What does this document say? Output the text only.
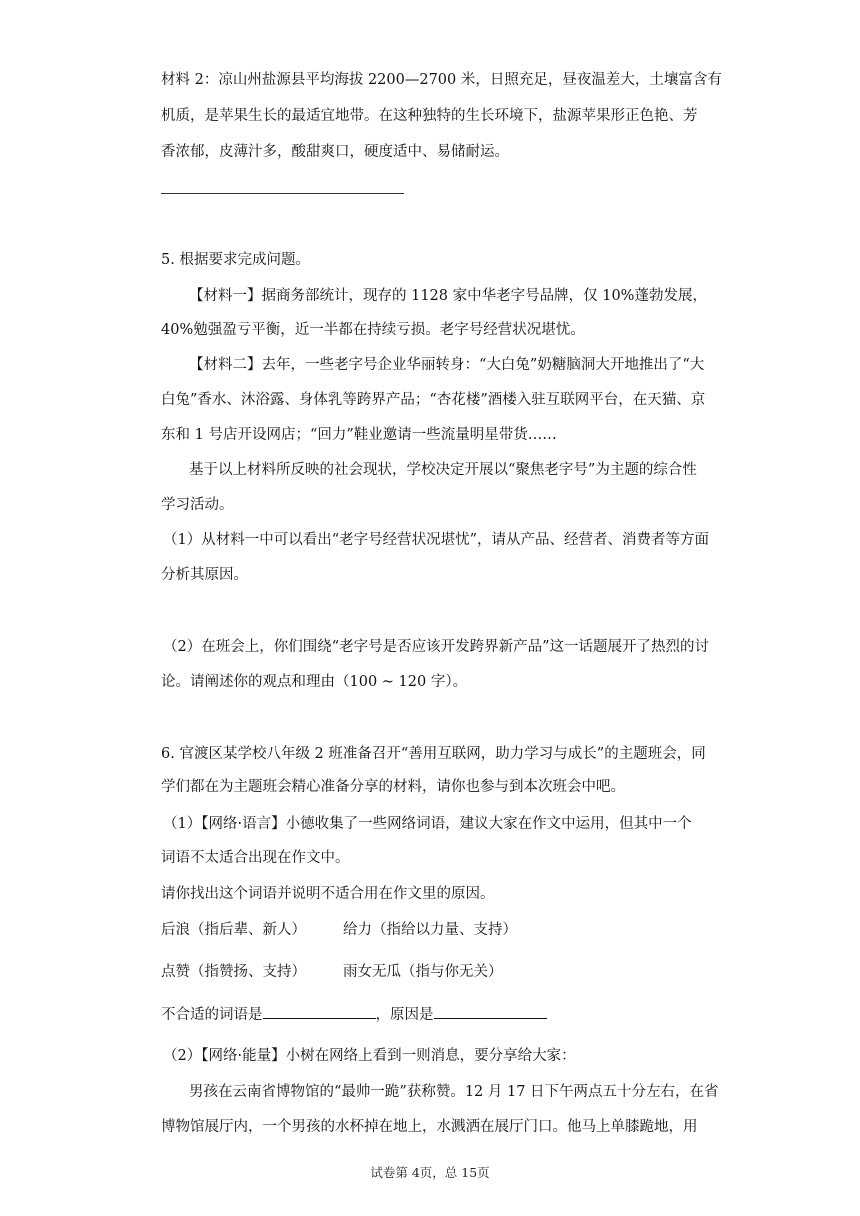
材料 2：凉山州盐源县平均海拔 2200—2700 米，日照充足，昼夜温差大，土壤富含有
机质，是苹果生长的最适宜地带。在这种独特的生长环境下，盐源苹果形正色艳、芳
香浓郁，皮薄汁多，酸甜爽口，硬度适中、易储耐运。
5. 根据要求完成问题。
【材料一】据商务部统计，现存的 1128 家中华老字号品牌，仅 10%蓬勃发展，
40%勉强盈亏平衡，近一半都在持续亏损。老字号经营状况堪忧。
【材料二】去年，一些老字号企业华丽转身：“大白兔”奶糖脑洞大开地推出了“大
白兔”香水、沐浴露、身体乳等跨界产品；“杏花楼”酒楼入驻互联网平台，在天猫、京
东和 1 号店开设网店；“回力”鞋业邀请一些流量明星带货……
基于以上材料所反映的社会现状，学校决定开展以“聚焦老字号”为主题的综合性
学习活动。
（1）从材料一中可以看出“老字号经营状况堪忧”，请从产品、经营者、消费者等方面
分析其原因。
（2）在班会上，你们围绕“老字号是否应该开发跨界新产品”这一话题展开了热烈的讨
论。请阐述你的观点和理由（100 ~ 120 字）。
6. 官渡区某学校八年级 2 班准备召开“善用互联网，助力学习与成长”的主题班会，同
学们都在为主题班会精心准备分享的材料，请你也参与到本次班会中吧。
（1）【网络·语言】小德收集了一些网络词语，建议大家在作文中运用，但其中一个
词语不太适合出现在作文中。
请你找出这个词语并说明不适合用在作文里的原因。
后浪（指后辈、新人）	给力（指给以力量、支持）
点赞（指赞扬、支持）	雨女无瓜（指与你无关）
不合适的词语是	，原因是
（2）【网络·能量】小树在网络上看到一则消息，要分享给大家：
男孩在云南省博物馆的“最帅一跪”获称赞。12 月 17 日下午两点五十分左右，在省
博物馆展厅内，一个男孩的水杯掉在地上，水溅洒在展厅门口。他马上单膝跪地，用
试卷第 4页，总 15页
